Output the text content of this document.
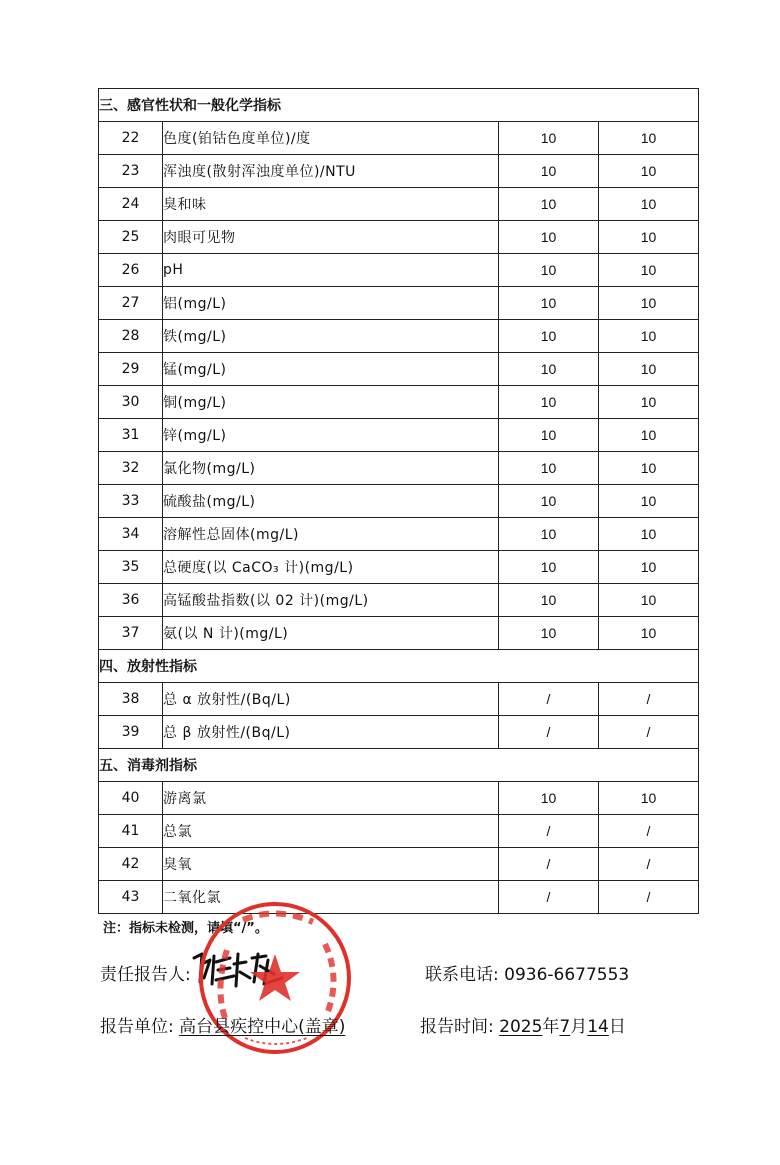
三、感官性状和一般化学指标			
22	色度(铂钴色度单位)/度	10	10
23	浑浊度(散射浑浊度单位)/NTU	10	10
24	臭和味	10	10
25	肉眼可见物	10	10
26	pH	10	10
27	铝(mg/L)	10	10
28	铁(mg/L)	10	10
29	锰(mg/L)	10	10
30	铜(mg/L)	10	10
31	锌(mg/L)	10	10
32	氯化物(mg/L)	10	10
33	硫酸盐(mg/L)	10	10
34	溶解性总固体(mg/L)	10	10
35	总硬度(以 CaCO₃ 计)(mg/L)	10	10
36	高锰酸盐指数(以 02 计)(mg/L)	10	10
37	氨(以 N 计)(mg/L)	10	10
四、放射性指标			
38	总 α 放射性/(Bq/L)	/	/
39	总 β 放射性/(Bq/L)	/	/
五、消毒剂指标			
40	游离氯	10	10
41	总氯	/	/
42	臭氧	/	/
43	二氧化氯	/	/
注：指标未检测，请填“/”。
责任报告人:	联系电话: 0936-6677553
报告单位: 高台县疾控中心(盖章)	报告时间: 2025年7月14日
